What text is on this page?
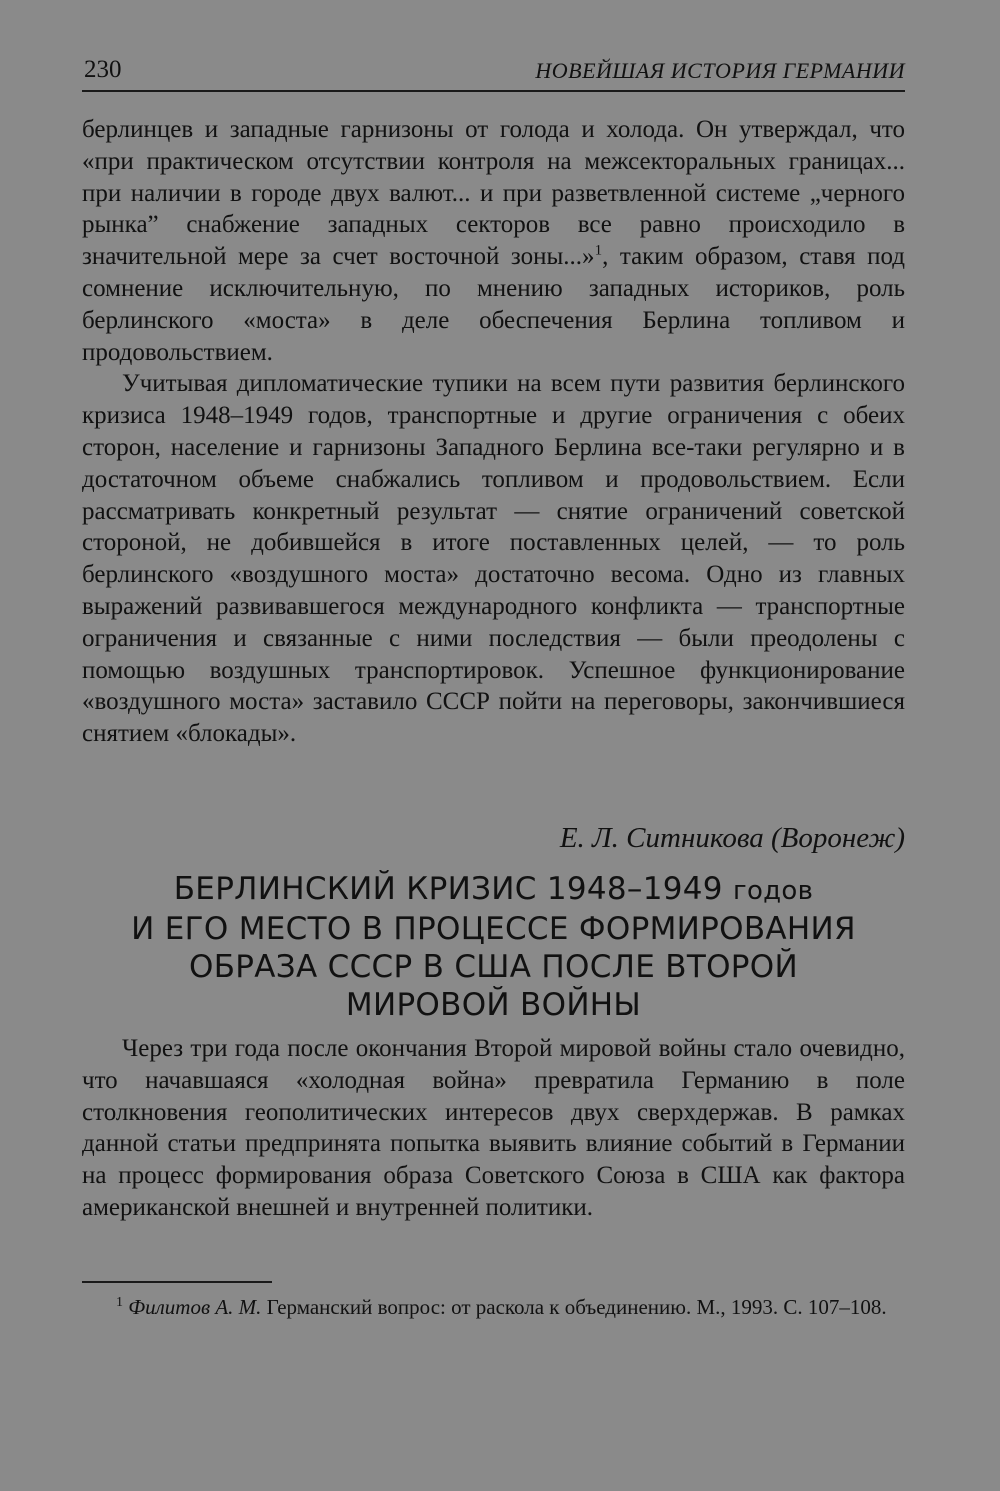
230	НОВЕЙШАЯ ИСТОРИЯ ГЕРМАНИИ

берлинцев и западные гарнизоны от голода и холода. Он утверждал, что «при практическом отсутствии контроля на межсекторальных границах... при наличии в городе двух валют... и при разветвленной системе „черного рынка” снабжение западных секторов все равно происходило в значительной мере за счет восточной зоны...»$^1$, таким образом, ставя под сомнение исключительную, по мнению западных историков, роль берлинского «моста» в деле обеспечения Берлина топливом и продовольствием.

Учитывая дипломатические тупики на всем пути развития берлинского кризиса 1948–1949 годов, транспортные и другие ограничения с обеих сторон, население и гарнизоны Западного Берлина все-таки регулярно и в достаточном объеме снабжались топливом и продовольствием. Если рассматривать конкретный результат — снятие ограничений советской стороной, не добившейся в итоге поставленных целей, — то роль берлинского «воздушного моста» достаточно весома. Одно из главных выражений развивавшегося международного конфликта — транспортные ограничения и связанные с ними последствия — были преодолены с помощью воздушных транспортировок. Успешное функционирование «воздушного моста» заставило СССР пойти на переговоры, закончившиеся снятием «блокады».

Е. Л. Ситникова (Воронеж)
БЕРЛИНСКИЙ КРИЗИС 1948–1949 годов
И ЕГО МЕСТО В ПРОЦЕССЕ ФОРМИРОВАНИЯ
ОБРАЗА СССР В США ПОСЛЕ ВТОРОЙ
МИРОВОЙ ВОЙНЫ

Через три года после окончания Второй мировой войны стало очевидно, что начавшаяся «холодная война» превратила Германию в поле столкновения геополитических интересов двух сверхдержав. В рамках данной статьи предпринята попытка выявить влияние событий в Германии на процесс формирования образа Советского Союза в США как фактора американской внешней и внутренней политики.

$^1$ Филитов А. М. Германский вопрос: от раскола к объединению. М., 1993. С. 107–108.
